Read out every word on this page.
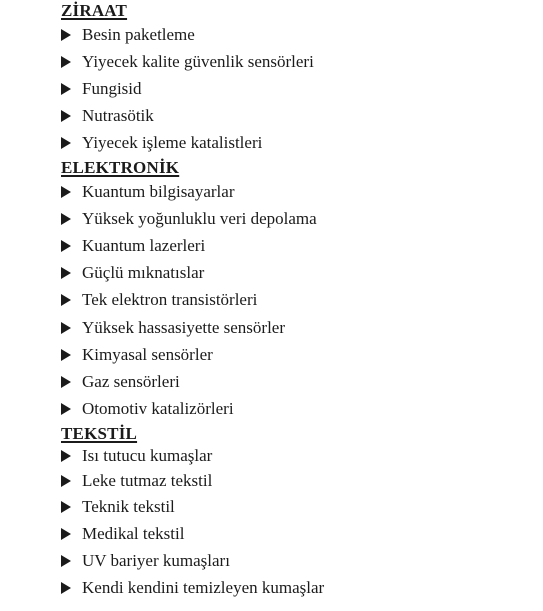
ZİRAAT
Besin paketleme
Yiyecek kalite güvenlik sensörleri
Fungisid
Nutrasötik
Yiyecek işleme katalistleri
ELEKTRONİK
Kuantum bilgisayarlar
Yüksek yoğunluklu veri depolama
Kuantum lazerleri
Güçlü mıknatıslar
Tek elektron transistörleri
Yüksek hassasiyette sensörler
Kimyasal sensörler
Gaz sensörleri
Otomotiv katalizörleri
TEKSTİL
Isı tutucu kumaşlar
Leke tutmaz tekstil
Teknik tekstil
Medikal tekstil
UV bariyer kumaşları
Kendi kendini temizleyen kumaşlar
